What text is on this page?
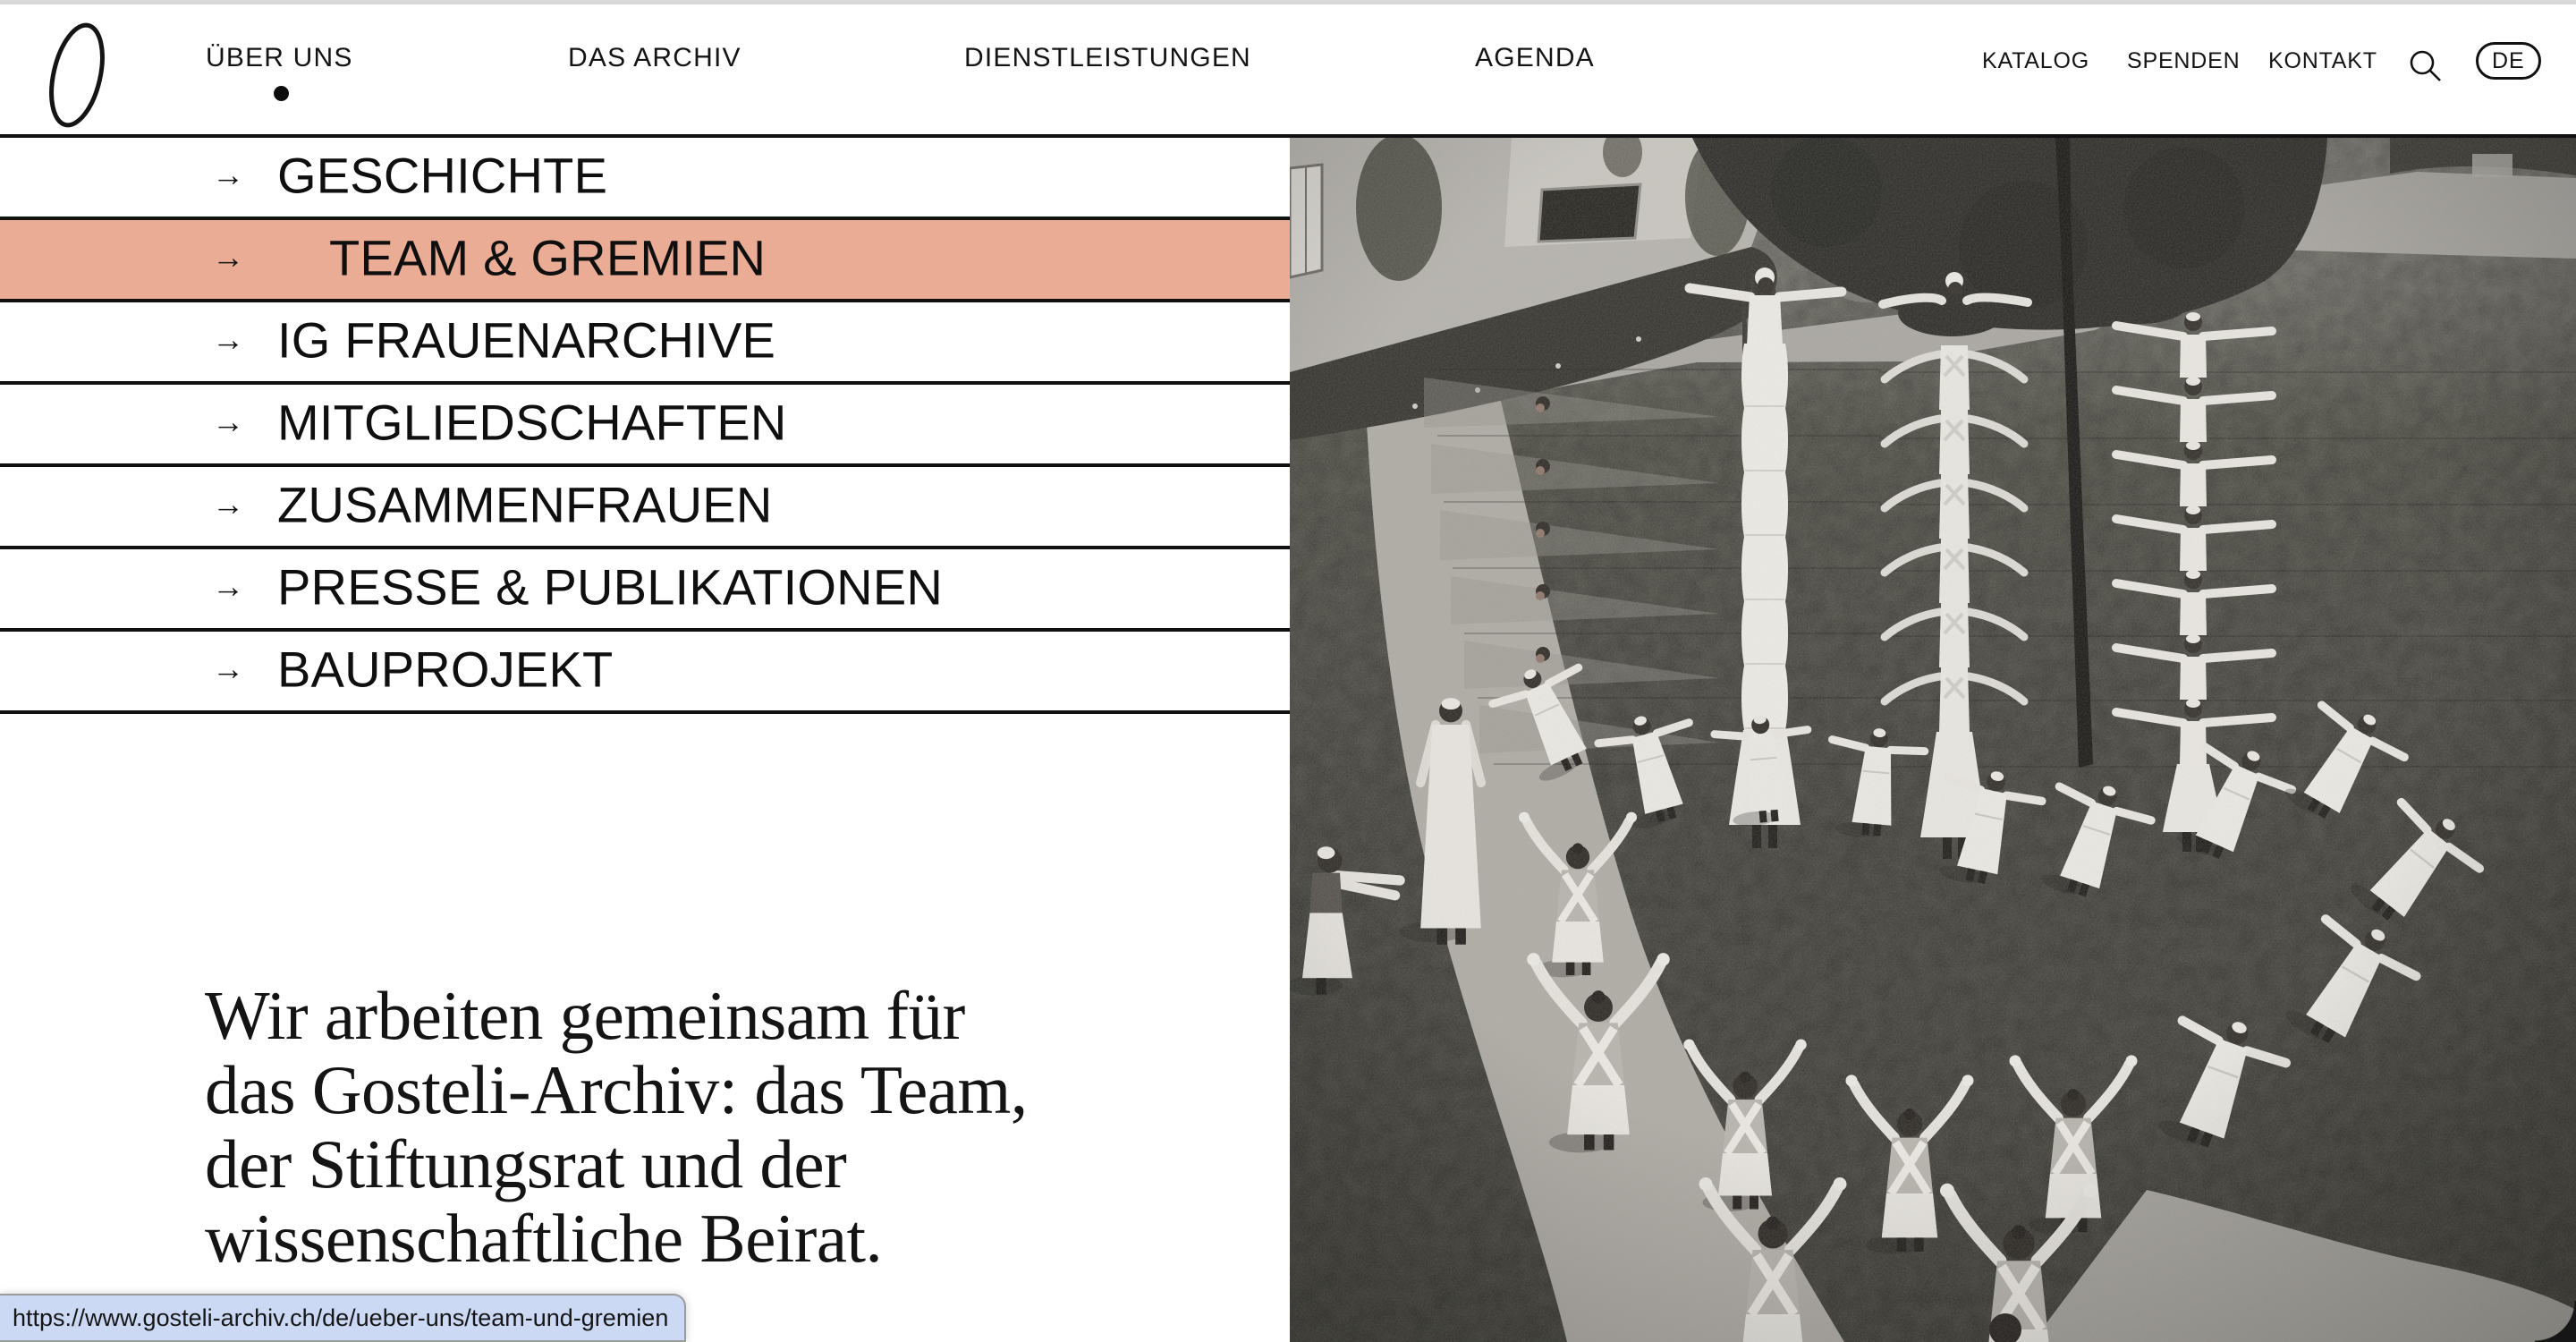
ÜBER UNS	DAS ARCHIV	DIENSTLEISTUNGEN	AGENDA	KATALOG SPENDEN KONTAKT	DE
→ GESCHICHTE
→ TEAM & GREMIEN
→ IG FRAUENARCHIVE
→ MITGLIEDSCHAFTEN
→ ZUSAMMENFRAUEN
→ PRESSE & PUBLIKATIONEN
→ BAUPROJEKT
Wir arbeiten gemeinsam für
das Gosteli-Archiv: das Team,
der Stiftungsrat und der
wissenschaftliche Beirat.
https://www.gosteli-archiv.ch/de/ueber-uns/team-und-gremien
